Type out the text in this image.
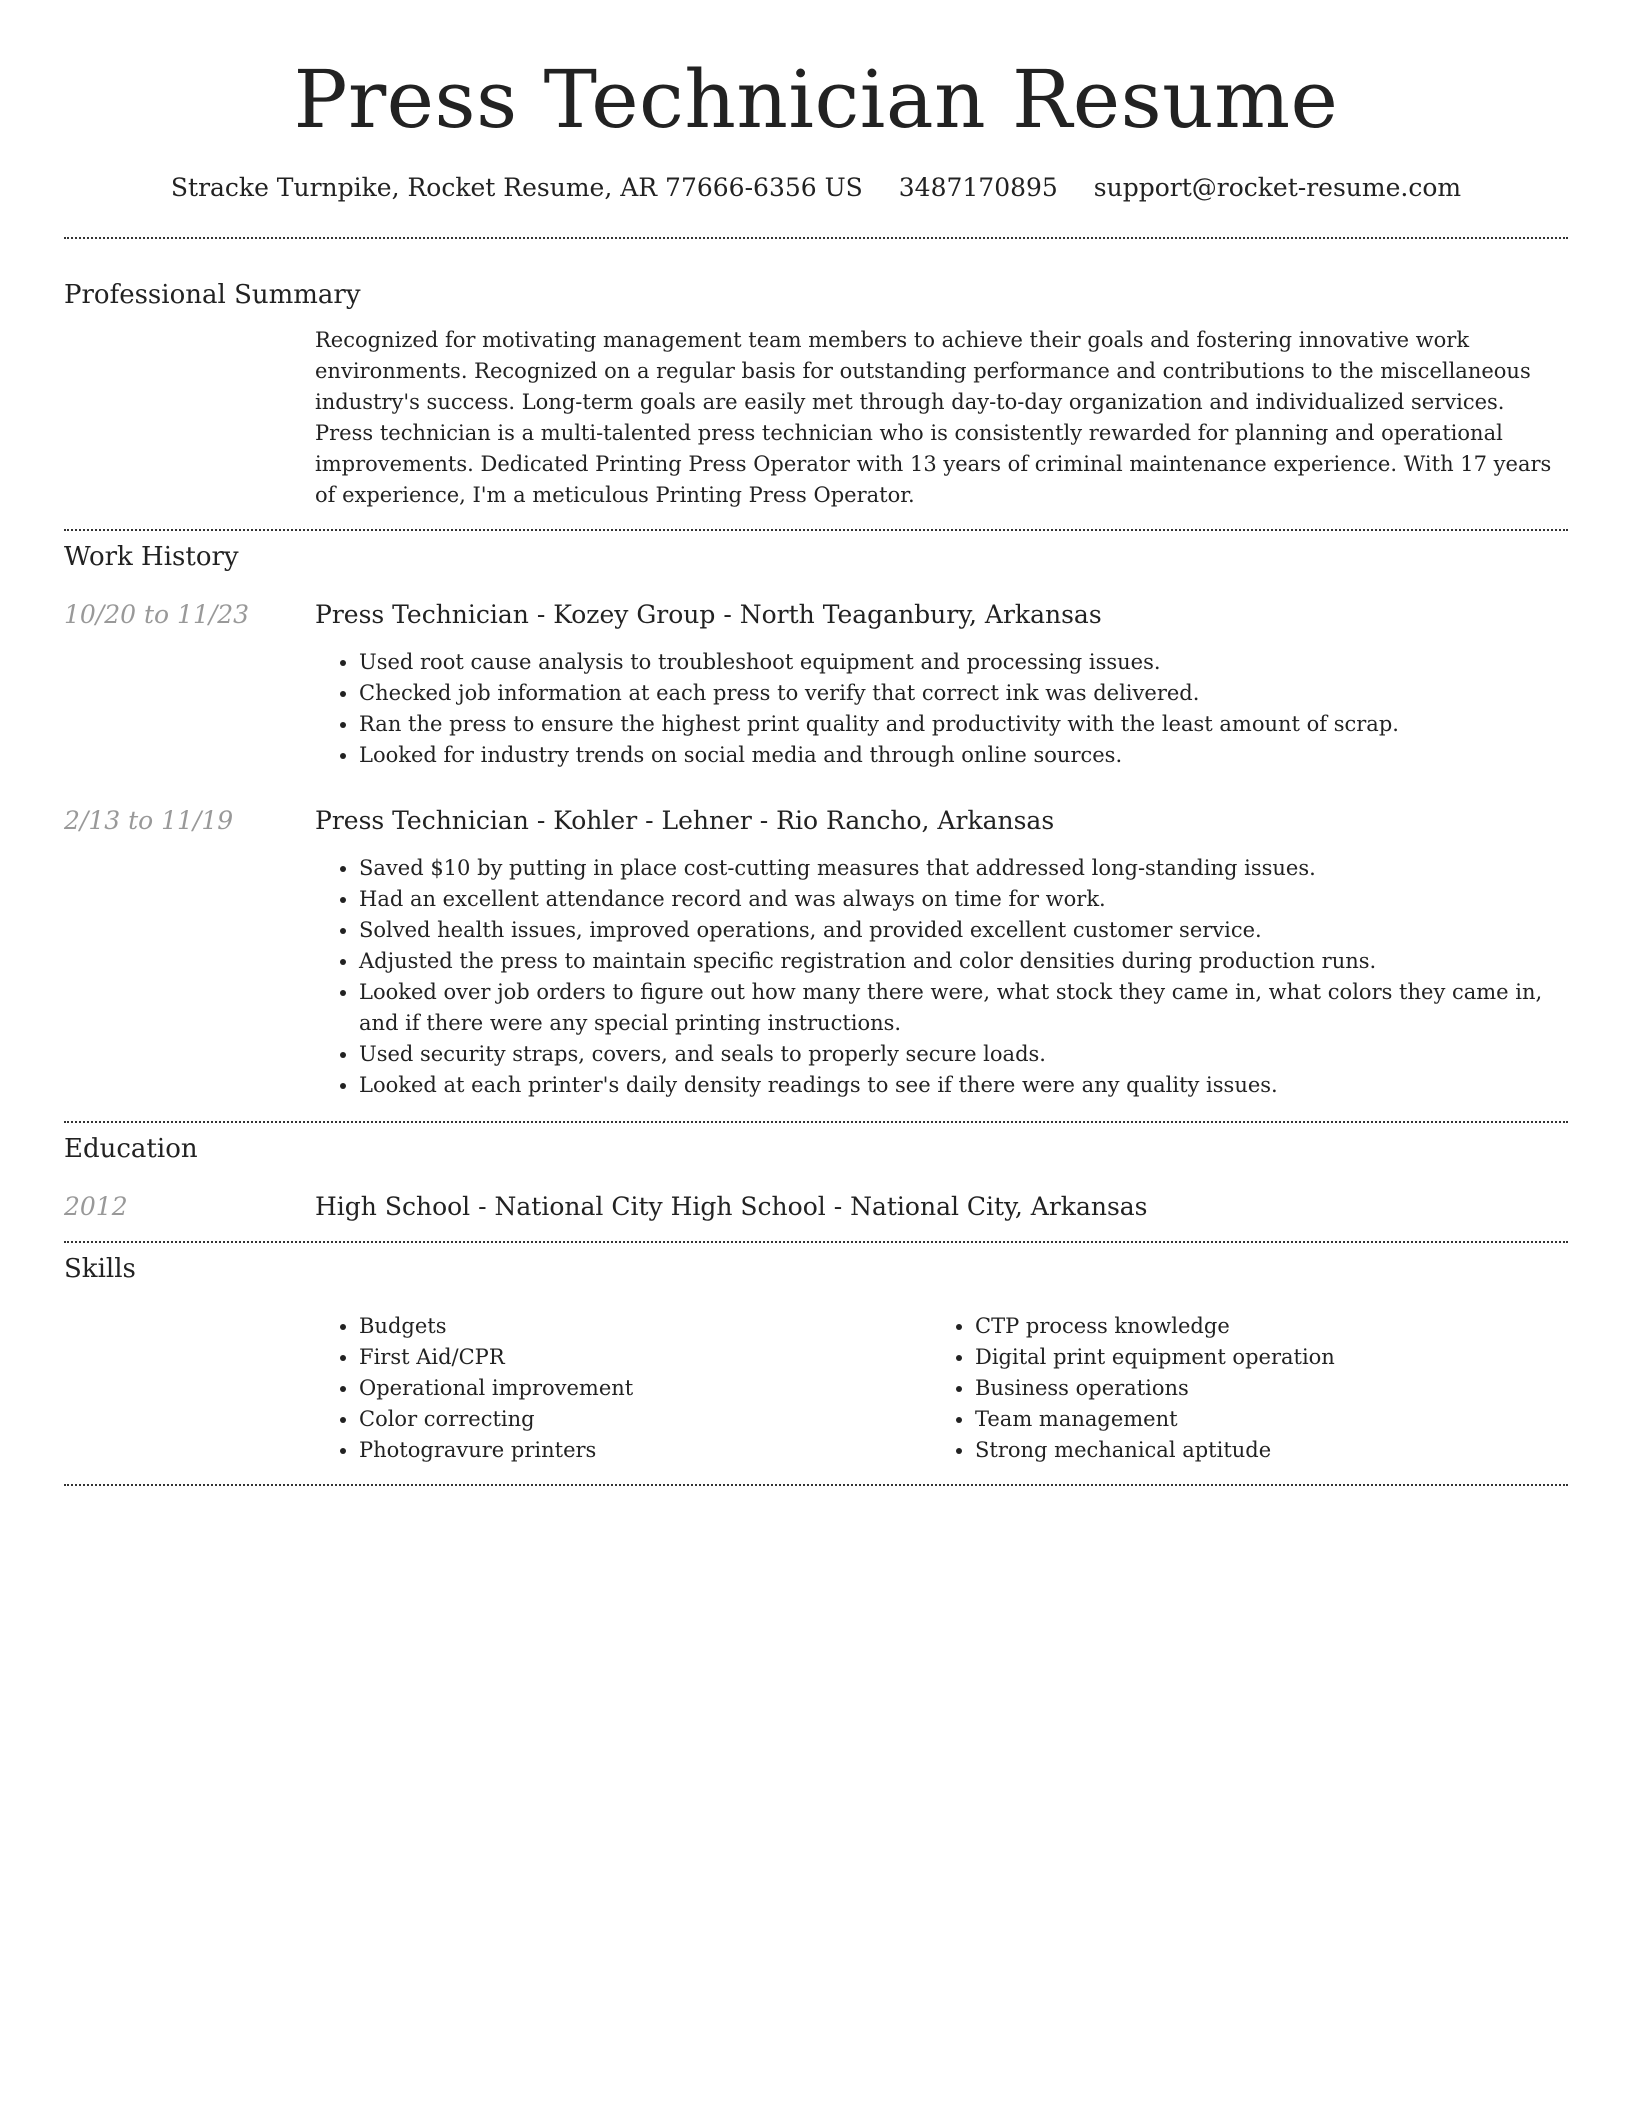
Press Technician Resume
Stracke Turnpike, Rocket Resume, AR 77666-6356 US 3487170895 support@rocket-resume.com
Professional Summary

Recognized for motivating management team members to achieve their goals and fostering innovative work environments. Recognized on a regular basis for outstanding performance and contributions to the miscellaneous industry's success. Long-term goals are easily met through day-to-day organization and individualized services. Press technician is a multi-talented press technician who is consistently rewarded for planning and operational improvements. Dedicated Printing Press Operator with 13 years of criminal maintenance experience. With 17 years of experience, I'm a meticulous Printing Press Operator.

Work History
10/20 to 11/23	Press Technician - Kozey Group - North Teaganbury, Arkansas
• Used root cause analysis to troubleshoot equipment and processing issues.
• Checked job information at each press to verify that correct ink was delivered.
• Ran the press to ensure the highest print quality and productivity with the least amount of scrap.
• Looked for industry trends on social media and through online sources.
2/13 to 11/19	Press Technician - Kohler - Lehner - Rio Rancho, Arkansas
• Saved $10 by putting in place cost-cutting measures that addressed long-standing issues.
• Had an excellent attendance record and was always on time for work.
• Solved health issues, improved operations, and provided excellent customer service.
• Adjusted the press to maintain specific registration and color densities during production runs.
• Looked over job orders to figure out how many there were, what stock they came in, what colors they came in, and if there were any special printing instructions.
• Used security straps, covers, and seals to properly secure loads.
• Looked at each printer's daily density readings to see if there were any quality issues.
Education
2012	High School - National City High School - National City, Arkansas
Skills
• Budgets
• First Aid/CPR
• Operational improvement
• Color correcting
• Photogravure printers
• CTP process knowledge
• Digital print equipment operation
• Business operations
• Team management
• Strong mechanical aptitude
